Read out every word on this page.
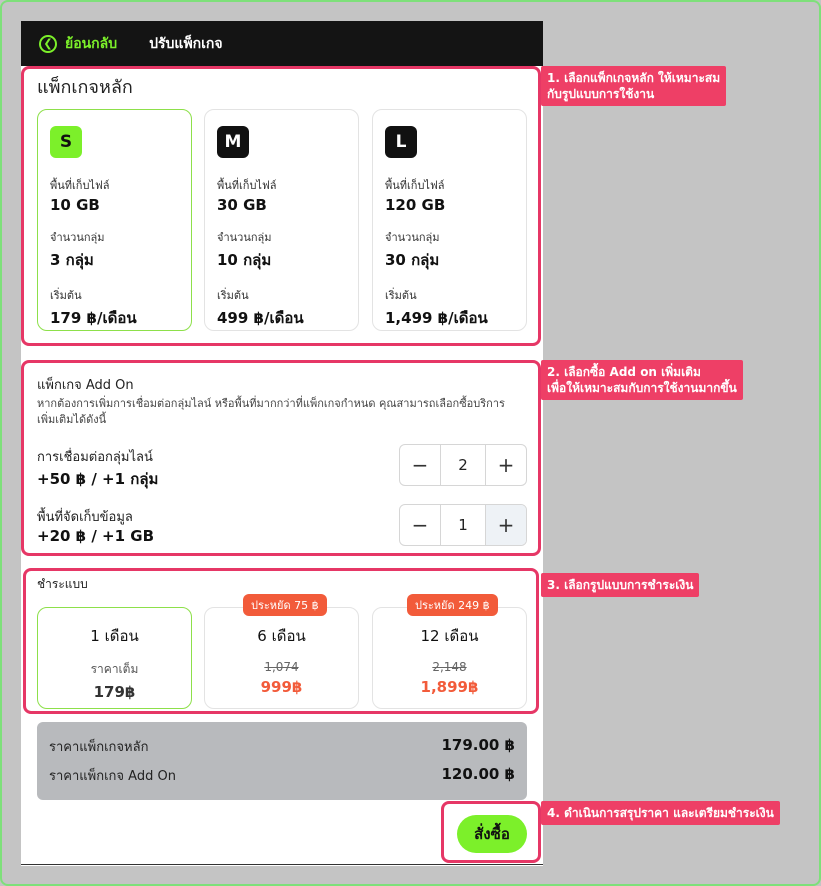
❮ ย้อนกลับ ปรับแพ็กเกจ
แพ็กเกจหลัก
S
พื้นที่เก็บไฟล์
10 GB
จำนวนกลุ่ม
3 กลุ่ม
เริ่มต้น
179 ฿/เดือน
M
พื้นที่เก็บไฟล์
30 GB
จำนวนกลุ่ม
10 กลุ่ม
เริ่มต้น
499 ฿/เดือน
L
พื้นที่เก็บไฟล์
120 GB
จำนวนกลุ่ม
30 กลุ่ม
เริ่มต้น
1,499 ฿/เดือน
แพ็กเกจ Add On
หากต้องการเพิ่มการเชื่อมต่อกลุ่มไลน์ หรือพื้นที่มากกว่าที่แพ็กเกจกำหนด คุณสามารถเลือกซื้อบริการเพิ่มเติมได้ดังนี้
การเชื่อมต่อกลุ่มไลน์
+50 ฿ / +1 กลุ่ม
−	2	+
พื้นที่จัดเก็บข้อมูล
+20 ฿ / +1 GB	−	1	+
ชำระแบบ
1 เดือน
ราคาเต็ม
179฿
6 เดือน
1,074
999฿
12 เดือน
2,148
1,899฿
ประหยัด 75 ฿	ประหยัด 249 ฿
ราคาแพ็กเกจหลัก	179.00 ฿
ราคาแพ็กเกจ Add On	120.00 ฿
สั่งซื้อ
1. เลือกแพ็กเกจหลัก ให้เหมาะสม
กับรูปแบบการใช้งาน
2. เลือกซื้อ Add on เพิ่มเติม
เพื่อให้เหมาะสมกับการใช้งานมากขึ้น
3. เลือกรูปแบบการชำระเงิน
4. ดำเนินการสรุปราคา และเตรียมชำระเงิน
